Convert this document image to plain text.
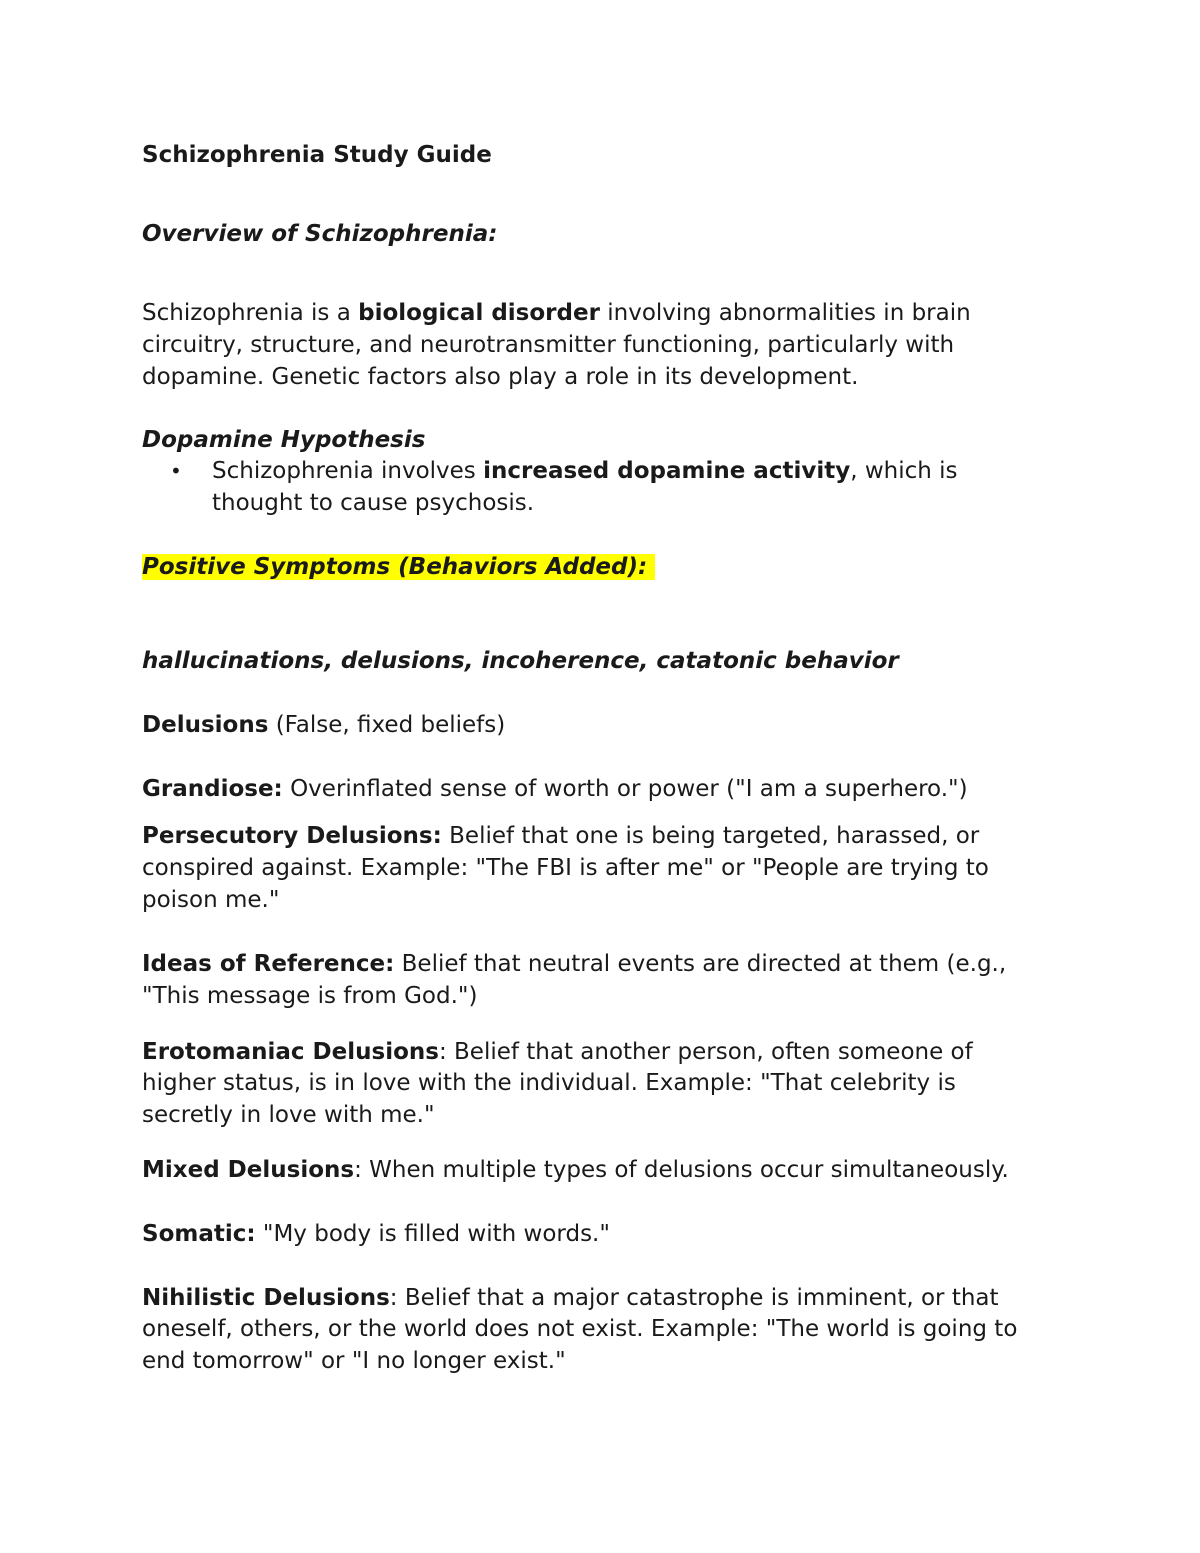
Schizophrenia Study Guide
Overview of Schizophrenia:
Schizophrenia is a biological disorder involving abnormalities in brain
circuitry, structure, and neurotransmitter functioning, particularly with
dopamine. Genetic factors also play a role in its development.
Dopamine Hypothesis
• Schizophrenia involves increased dopamine activity, which is
thought to cause psychosis.
Positive Symptoms (Behaviors Added):
hallucinations, delusions, incoherence, catatonic behavior
Delusions (False, fixed beliefs)
Grandiose: Overinflated sense of worth or power ("I am a superhero.")
Persecutory Delusions: Belief that one is being targeted, harassed, or
conspired against. Example: "The FBI is after me" or "People are trying to
poison me."
Ideas of Reference: Belief that neutral events are directed at them (e.g.,
"This message is from God.")
Erotomaniac Delusions: Belief that another person, often someone of
higher status, is in love with the individual. Example: "That celebrity is
secretly in love with me."
Mixed Delusions: When multiple types of delusions occur simultaneously.
Somatic: "My body is filled with words."
Nihilistic Delusions: Belief that a major catastrophe is imminent, or that
oneself, others, or the world does not exist. Example: "The world is going to
end tomorrow" or "I no longer exist."
